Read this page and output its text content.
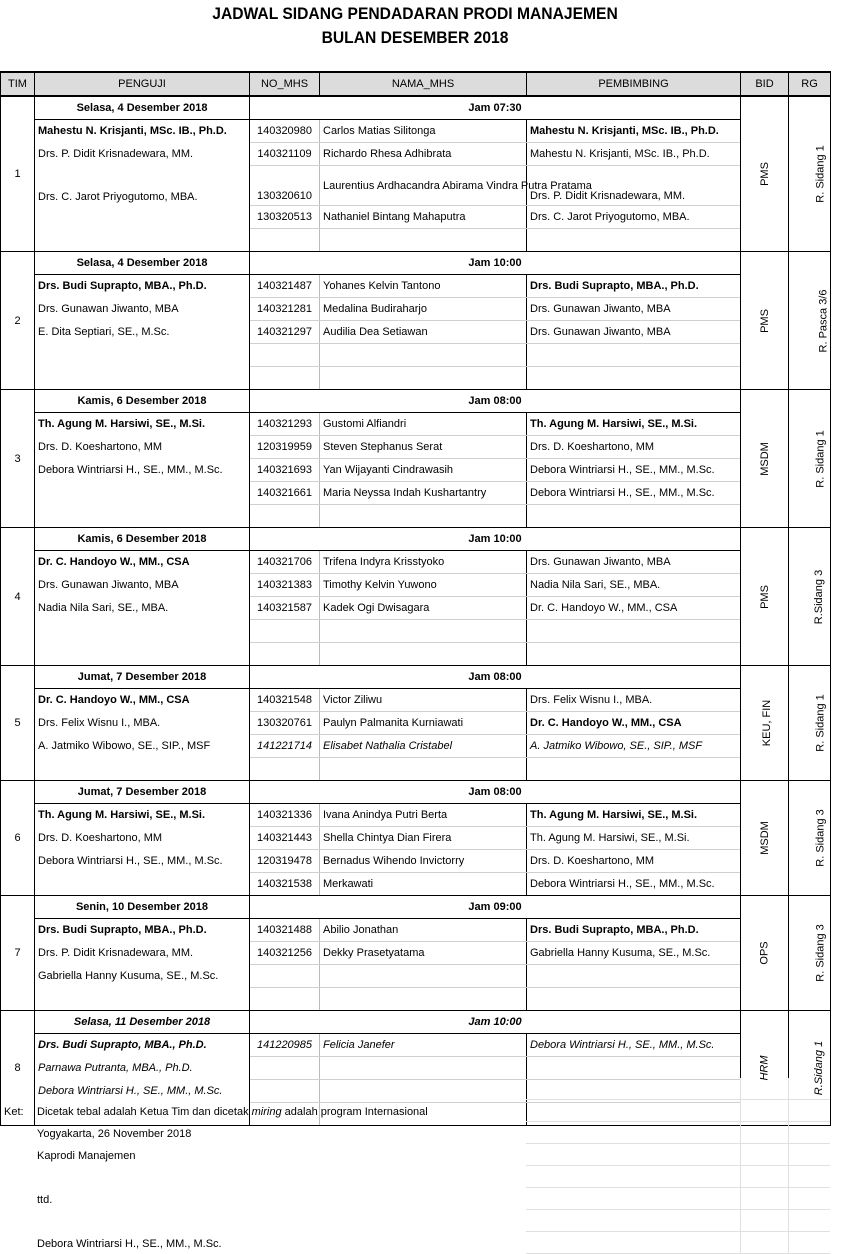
JADWAL SIDANG PENDADARAN PRODI MANAJEMEN
BULAN DESEMBER 2018
TIM	PENGUJI	NO_MHS	NAMA_MHS	PEMBIMBING	BID	RG
1	Selasa, 4 Desember 2018	Jam 07:30			PMS	R. Sidang 1
	Mahestu N. Krisjanti, MSc. IB., Ph.D.	140320980	Carlos Matias Silitonga	Mahestu N. Krisjanti, MSc. IB., Ph.D.		
	Drs. P. Didit Krisnadewara, MM.	140321109	Richardo Rhesa Adhibrata	Mahestu N. Krisjanti, MSc. IB., Ph.D.		
	Drs. C. Jarot Priyogutomo, MBA.	130320610	Laurentius Ardhacandra Abirama Vindra Putra Pratama	Drs. P. Didit Krisnadewara, MM.		
		130320513	Nathaniel Bintang Mahaputra	Drs. C. Jarot Priyogutomo, MBA.		

2	Selasa, 4 Desember 2018	Jam 10:00			PMS	R. Pasca 3/6
	Drs. Budi Suprapto, MBA., Ph.D.	140321487	Yohanes Kelvin Tantono	Drs. Budi Suprapto, MBA., Ph.D.		
	Drs. Gunawan Jiwanto, MBA	140321281	Medalina Budiraharjo	Drs. Gunawan Jiwanto, MBA		
	E. Dita Septiari, SE., M.Sc.	140321297	Audilia Dea Setiawan	Drs. Gunawan Jiwanto, MBA		

3	Kamis, 6 Desember 2018	Jam 08:00			MSDM	R. Sidang 1
	Th. Agung M. Harsiwi, SE., M.Si.	140321293	Gustomi Alfiandri	Th. Agung M. Harsiwi, SE., M.Si.		
	Drs. D. Koeshartono, MM	120319959	Steven Stephanus Serat	Drs. D. Koeshartono, MM		
	Debora Wintriarsi H., SE., MM., M.Sc.	140321693	Yan Wijayanti Cindrawasih	Debora Wintriarsi H., SE., MM., M.Sc.		
		140321661	Maria Neyssa Indah Kushartantry	Debora Wintriarsi H., SE., MM., M.Sc.		

4	Kamis, 6 Desember 2018	Jam 10:00			PMS	R.Sidang 3
	Dr. C. Handoyo W., MM., CSA	140321706	Trifena Indyra Krisstyoko	Drs. Gunawan Jiwanto, MBA		
	Drs. Gunawan Jiwanto, MBA	140321383	Timothy Kelvin Yuwono	Nadia Nila Sari, SE., MBA.		
	Nadia Nila Sari, SE., MBA.	140321587	Kadek Ogi Dwisagara	Dr. C. Handoyo W., MM., CSA		

5	Jumat, 7 Desember 2018	Jam 08:00			KEU, FIN	R. Sidang 1
	Dr. C. Handoyo W., MM., CSA	140321548	Victor Ziliwu	Drs. Felix Wisnu I., MBA.		
	Drs. Felix Wisnu I., MBA.	130320761	Paulyn Palmanita Kurniawati	Dr. C. Handoyo W., MM., CSA		
	A. Jatmiko Wibowo, SE., SIP., MSF	141221714	Elisabet Nathalia Cristabel	A. Jatmiko Wibowo, SE., SIP., MSF		

6	Jumat, 7 Desember 2018	Jam 08:00			MSDM	R. Sidang 3
	Th. Agung M. Harsiwi, SE., M.Si.	140321336	Ivana Anindya Putri Berta	Th. Agung M. Harsiwi, SE., M.Si.		
	Drs. D. Koeshartono, MM	140321443	Shella Chintya Dian Firera	Th. Agung M. Harsiwi, SE., M.Si.		
	Debora Wintriarsi H., SE., MM., M.Sc.	120319478	Bernadus Wihendo Invictorry	Drs. D. Koeshartono, MM		
		140321538	Merkawati	Debora Wintriarsi H., SE., MM., M.Sc.		
7	Senin, 10 Desember 2018	Jam 09:00			OPS	R. Sidang 3
	Drs. Budi Suprapto, MBA., Ph.D.	140321488	Abilio Jonathan	Drs. Budi Suprapto, MBA., Ph.D.		
	Drs. P. Didit Krisnadewara, MM.	140321256	Dekky Prasetyatama	Gabriella Hanny Kusuma, SE., M.Sc.		
	Gabriella Hanny Kusuma, SE., M.Sc.					

8	Selasa, 11 Desember 2018	Jam 10:00			HRM	R.Sidang 1
	Drs. Budi Suprapto, MBA., Ph.D.	141220985	Felicia Janefer	Debora Wintriarsi H., SE., MM., M.Sc.		
	Parnawa Putranta, MBA., Ph.D.					
	Debora Wintriarsi H., SE., MM., M.Sc.					

Ket: Dicetak tebal adalah Ketua Tim dan dicetak miring adalah program Internasional
Yogyakarta, 26 November 2018
Kaprodi Manajemen
ttd.
Debora Wintriarsi H., SE., MM., M.Sc.
